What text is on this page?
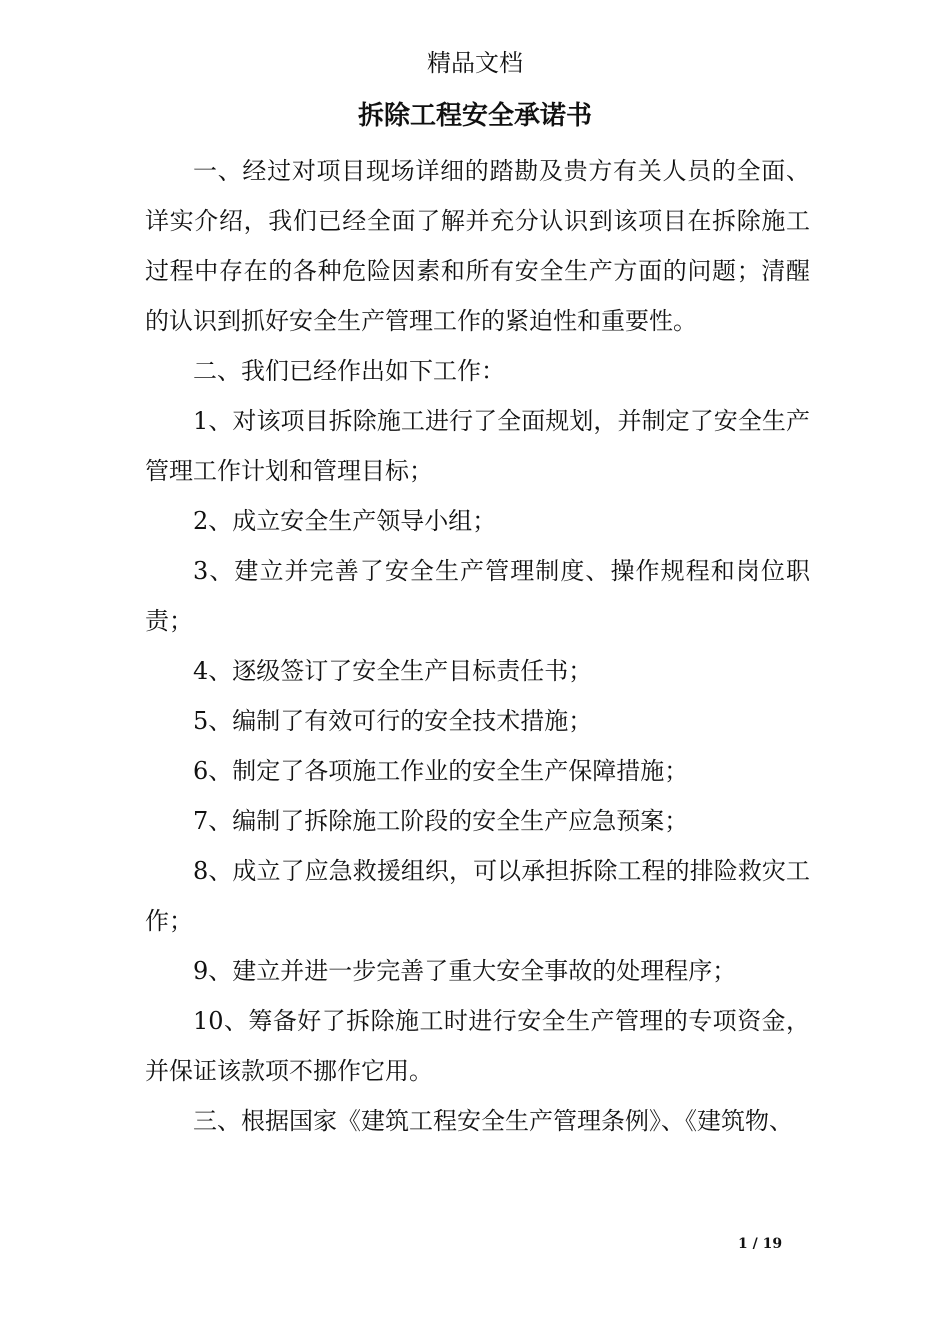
精品文档
拆除工程安全承诺书

一、经过对项目现场详细的踏勘及贵方有关人员的全面、详实介绍，我们已经全面了解并充分认识到该项目在拆除施工过程中存在的各种危险因素和所有安全生产方面的问题；清醒的认识到抓好安全生产管理工作的紧迫性和重要性。

二、我们已经作出如下工作：

1、对该项目拆除施工进行了全面规划，并制定了安全生产管理工作计划和管理目标；

2、成立安全生产领导小组；

3、建立并完善了安全生产管理制度、操作规程和岗位职责；

4、逐级签订了安全生产目标责任书；

5、编制了有效可行的安全技术措施；

6、制定了各项施工作业的安全生产保障措施；

7、编制了拆除施工阶段的安全生产应急预案；

8、成立了应急救援组织，可以承担拆除工程的排险救灾工作；

9、建立并进一步完善了重大安全事故的处理程序；

10、筹备好了拆除施工时进行安全生产管理的专项资金，并保证该款项不挪作它用。

三、根据国家《建筑工程安全生产管理条例》、《建筑物、

1 / 19
